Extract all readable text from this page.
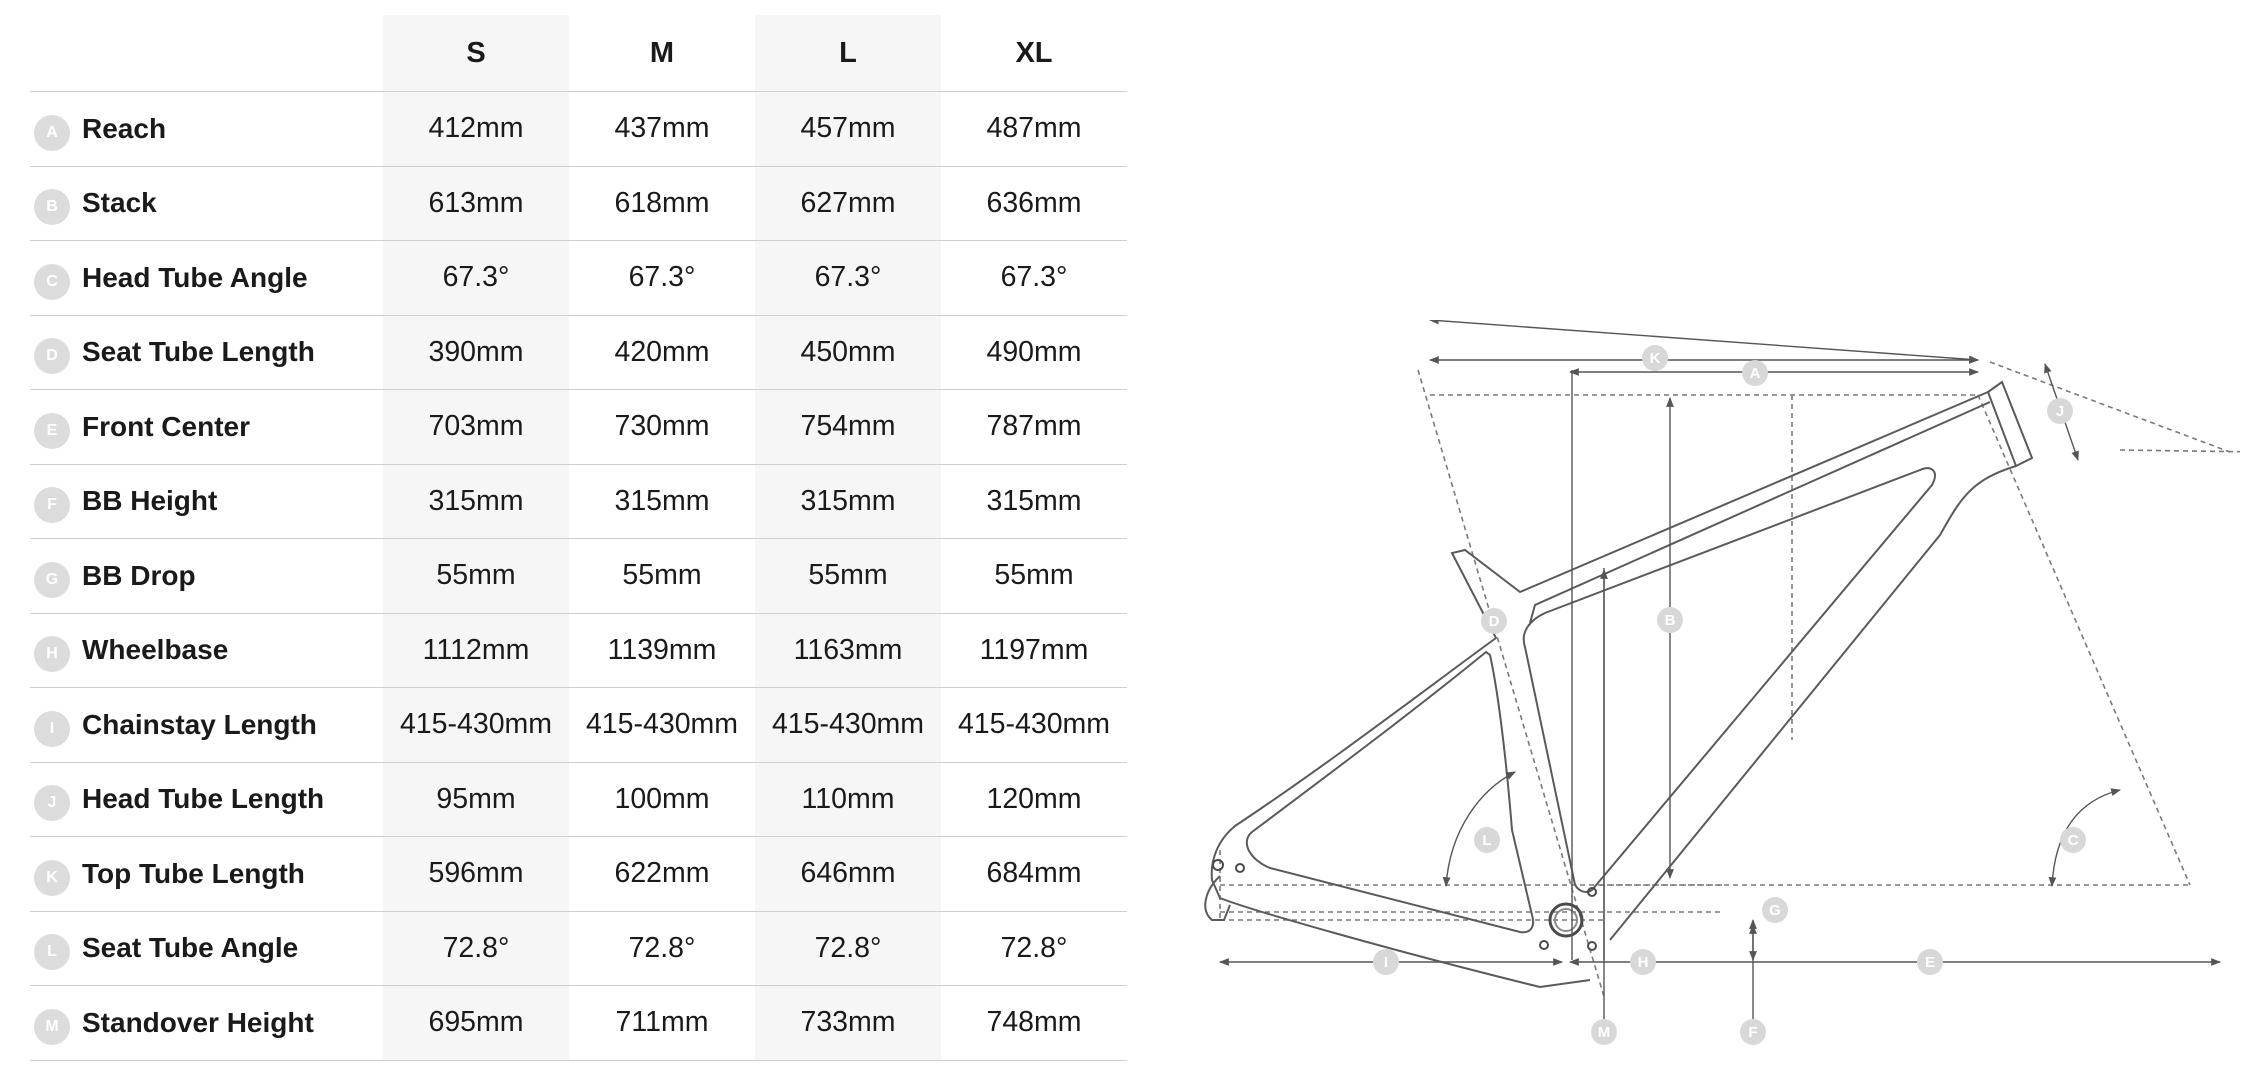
	S	M	L	XL

A Reach	412mm	437mm	457mm	487mm

B Stack	613mm	618mm	627mm	636mm

C Head Tube Angle	67.3°	67.3°	67.3°	67.3°

D Seat Tube Length	390mm	420mm	450mm	490mm

E Front Center	703mm	730mm	754mm	787mm

F BB Height	315mm	315mm	315mm	315mm

G BB Drop	55mm	55mm	55mm	55mm

H Wheelbase	1112mm	1139mm	1163mm	1197mm

I Chainstay Length	415-430mm	415-430mm	415-430mm	415-430mm

J Head Tube Length	95mm	100mm	110mm	120mm

K Top Tube Length	596mm	622mm	646mm	684mm

L Seat Tube Angle	72.8°	72.8°	72.8°	72.8°

M Standover Height	695mm	711mm	733mm	748mm
K
A
J
B
D
L	C
G
I	H	E
M	F
